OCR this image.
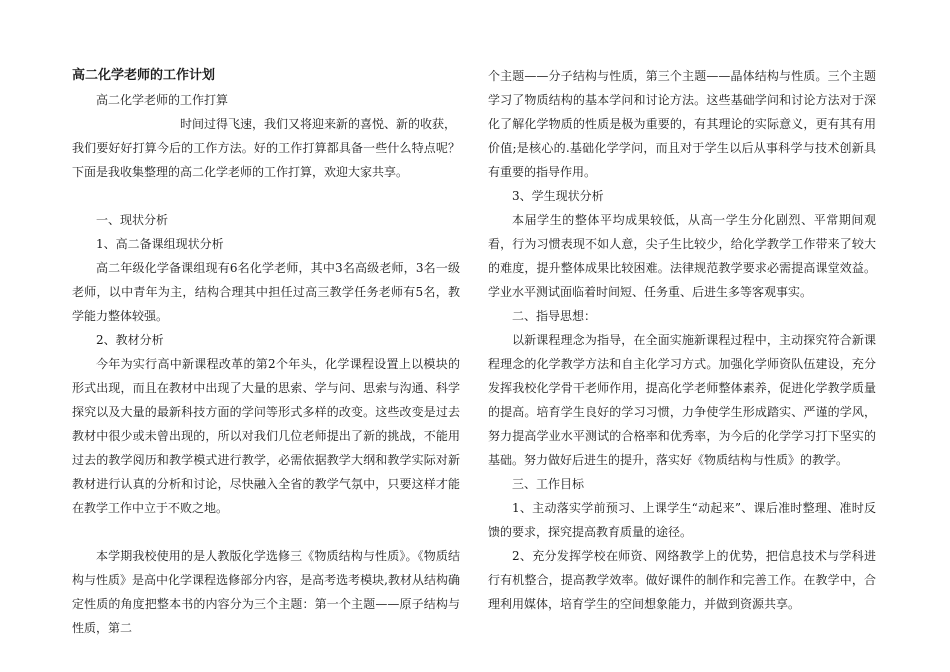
高二化学老师的工作计划

高二化学老师的工作打算

时间过得飞速，我们又将迎来新的喜悦、新的收获，

我们要好好打算今后的工作方法。好的工作打算都具备一些什么特点呢？下面是我收集整理的高二化学老师的工作打算，欢迎大家共享。

一、现状分析

1、高二备课组现状分析

高二年级化学备课组现有6名化学老师，其中3名高级老师，3名一级老师，以中青年为主，结构合理其中担任过高三教学任务老师有5名，教学能力整体较强。

2、教材分析

今年为实行高中新课程改革的第2个年头，化学课程设置上以模块的形式出现，而且在教材中出现了大量的思索、学与问、思索与沟通、科学探究以及大量的最新科技方面的学问等形式多样的改变。这些改变是过去教材中很少或未曾出现的，所以对我们几位老师提出了新的挑战，不能用过去的教学阅历和教学模式进行教学，必需依据教学大纲和教学实际对新教材进行认真的分析和讨论，尽快融入全省的教学气氛中，只要这样才能在教学工作中立于不败之地。

本学期我校使用的是人教版化学选修三《物质结构与性质》。《物质结构与性质》是高中化学课程选修部分内容，是高考选考模块,教材从结构确定性质的角度把整本书的内容分为三个主题：第一个主题——原子结构与性质，第二

个主题——分子结构与性质，第三个主题——晶体结构与性质。三个主题学习了物质结构的基本学问和讨论方法。这些基础学问和讨论方法对于深化了解化学物质的性质是极为重要的，有其理论的实际意义，更有其有用价值;是核心的.基础化学学问，而且对于学生以后从事科学与技术创新具有重要的指导作用。

3、学生现状分析

本届学生的整体平均成果较低，从高一学生分化剧烈、平常期间观看，行为习惯表现不如人意，尖子生比较少，给化学教学工作带来了较大的难度，提升整体成果比较困难。法律规范教学要求必需提高课堂效益。学业水平测试面临着时间短、任务重、后进生多等客观事实。

二、指导思想：

以新课程理念为指导，在全面实施新课程过程中，主动探究符合新课程理念的化学教学方法和自主化学习方式。加强化学师资队伍建设，充分发挥我校化学骨干老师作用，提高化学老师整体素养，促进化学教学质量的提高。培育学生良好的学习习惯，力争使学生形成踏实、严谨的学风，努力提高学业水平测试的合格率和优秀率，为今后的化学学习打下坚实的基础。努力做好后进生的提升，落实好《物质结构与性质》的教学。

三、工作目标

1、主动落实学前预习、上课学生“动起来”、课后准时整理、准时反馈的要求，探究提高教育质量的途径。

2、充分发挥学校在师资、网络教学上的优势，把信息技术与学科进行有机整合，提高教学效率。做好课件的制作和完善工作。在教学中，合理利用媒体，培育学生的空间想象能力，并做到资源共享。
